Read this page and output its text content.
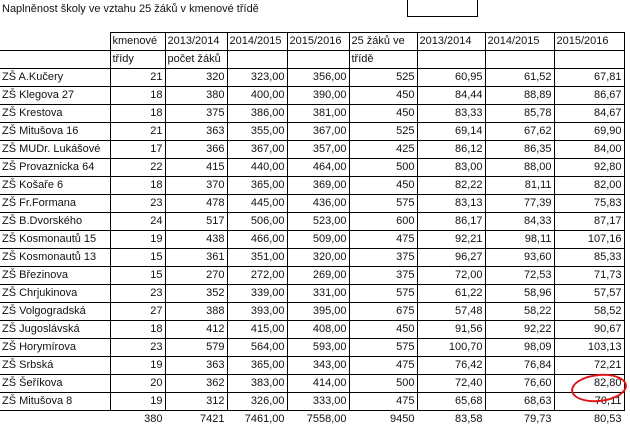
Naplněnost školy ve vztahu 25 žáků v kmenové třídě
	kmenové	2013/2014	2014/2015	2015/2016	25 žáků ve	2013/2014	2014/2015	2015/2016
	třídy	počet žáků			třídě			
ZŠ A.Kučery	21	320	323,00	356,00	525	60,95	61,52	67,81
ZŠ Klegova 27	18	380	400,00	390,00	450	84,44	88,89	86,67
ZŠ Krestova	18	375	386,00	381,00	450	83,33	85,78	84,67
ZŠ Mitušova 16	21	363	355,00	367,00	525	69,14	67,62	69,90
ZŠ MUDr. Lukášové	17	366	367,00	357,00	425	86,12	86,35	84,00
ZŠ Provaznicka 64	22	415	440,00	464,00	500	83,00	88,00	92,80
ZŠ Košaře 6	18	370	365,00	369,00	450	82,22	81,11	82,00
ZŠ Fr.Formana	23	478	445,00	436,00	575	83,13	77,39	75,83
ZŠ B.Dvorského	24	517	506,00	523,00	600	86,17	84,33	87,17
ZŠ Kosmonautů 15	19	438	466,00	509,00	475	92,21	98,11	107,16
ZŠ Kosmonautů 13	15	361	351,00	320,00	375	96,27	93,60	85,33
ZŠ Březinova	15	270	272,00	269,00	375	72,00	72,53	71,73
ZŠ Chrjukinova	23	352	339,00	331,00	575	61,22	58,96	57,57
ZŠ Volgogradská	27	388	393,00	395,00	675	57,48	58,22	58,52
ZŠ Jugoslávská	18	412	415,00	408,00	450	91,56	92,22	90,67
ZŠ Horymírova	23	579	564,00	593,00	575	100,70	98,09	103,13
ZŠ Srbská	19	363	365,00	343,00	475	76,42	76,84	72,21
ZŠ Šeříkova	20	362	383,00	414,00	500	72,40	76,60	82,80
ZŠ Mitušova 8	19	312	326,00	333,00	475	65,68	68,63	70,11
	380	7421	7461,00	7558,00	9450	83,58	79,73	80,53
